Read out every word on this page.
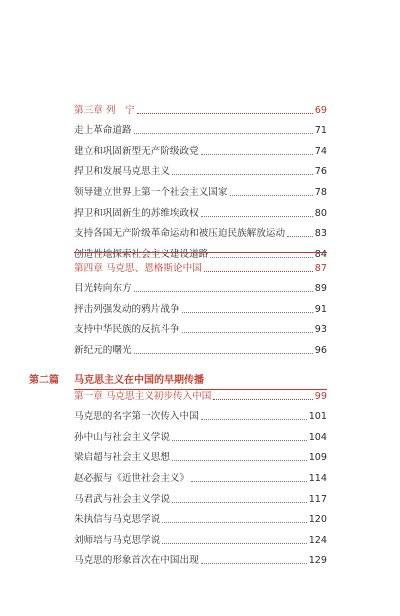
第三章 列　宁	69
走上革命道路	71
建立和巩固新型无产阶级政党	74
捍卫和发展马克思主义	76
领导建立世界上第一个社会主义国家	78
捍卫和巩固新生的苏维埃政权	80
支持各国无产阶级革命运动和被压迫民族解放运动	83
创造性地探索社会主义建设道路	84
第四章 马克思、恩格斯论中国	87
目光转向东方	89
抨击列强发动的鸦片战争	91
支持中华民族的反抗斗争	93
新纪元的曙光	96
第二篇	马克思主义在中国的早期传播
第一章 马克思主义初步传入中国	99
马克思的名字第一次传入中国	101
孙中山与社会主义学说	104
梁启超与社会主义思想	109
赵必振与《近世社会主义》	114
马君武与社会主义学说	117
朱执信与马克思学说	120
刘师培与马克思学说	124
马克思的形象首次在中国出现	129
